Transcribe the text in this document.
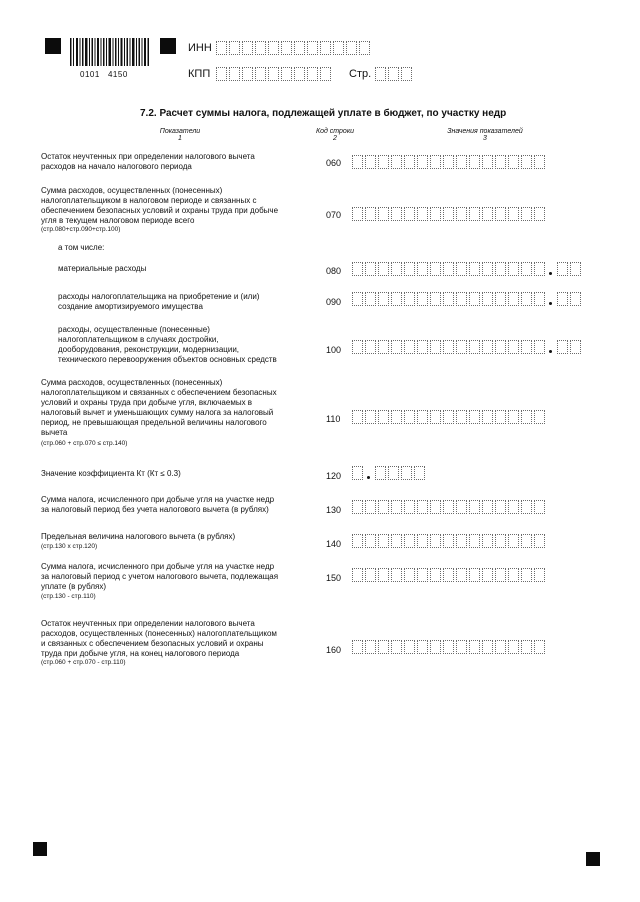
0101   4150
ИНН
КПП	Стр.
7.2. Расчет суммы налога, подлежащей уплате в бюджет, по участку недр
Показатели
1
Код строки
2
Значения показателей
3
Остаток неучтенных при определении налогового вычета
расходов на начало налогового периода	060
Сумма расходов, осуществленных (понесенных)
налогоплательщиком в налоговом периоде и связанных с
обеспечением безопасных условий и охраны труда при добыче
угля в текущем налоговом периоде всего
(стр.080+стр.090+стр.100)
070
а том числе:
материальные расходы	080
расходы налогоплательщика на приобретение и (или)
создание амортизируемого имущества	090
расходы, осуществленные (понесенные)
налогоплательщиком в случаях достройки,
дооборудования, реконструкции, модернизации,
технического перевооружения объектов основных средств
100
Сумма расходов, осуществленных (понесенных)
налогоплательщиком и связанных с обеспечением безопасных
условий и охраны труда при добыче угля, включаемых в
налоговый вычет и уменьшающих сумму налога за налоговый
период, не превышающая предельной величины налогового
вычета
(стр.060 + стр.070 ≤ стр.140)
110
Значение коэффициента Кт (Кт ≤ 0.3)	120
Сумма налога, исчисленного при добыче угля на участке недр
за налоговый период без учета налогового вычета (в рублях)	130
Предельная величина налогового вычета (в рублях)
(стр.130 x стр.120)	140
Сумма налога, исчисленного при добыче угля на участке недр
за налоговый период с учетом налогового вычета, подлежащая
уплате (в рублях)
(стр.130 - стр.110)
150
Остаток неучтенных при определении налогового вычета
расходов, осуществленных (понесенных) налогоплательщиком
и связанных с обеспечением безопасных условий и охраны
труда при добыче угля, на конец налогового периода
(стр.060 + стр.070 - стр.110)
160
